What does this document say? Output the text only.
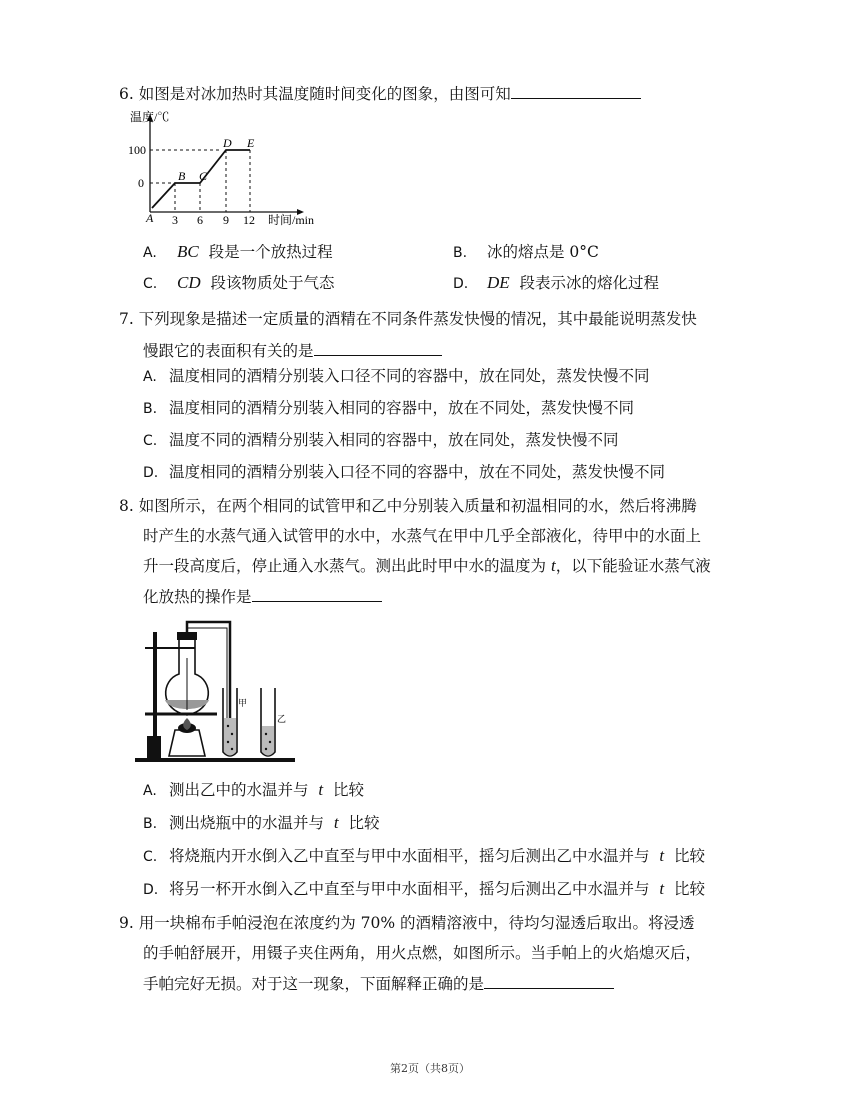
6. 如图是对冰加热时其温度随时间变化的图象，由图可知
温度/℃
100
0
3 6 9 12 时间/min
A
B C
D E
A. BC 段是一个放热过程	B. 冰的熔点是 0°C
C. CD 段该物质处于气态	D. DE 段表示冰的熔化过程
7. 下列现象是描述一定质量的酒精在不同条件蒸发快慢的情况，其中最能说明蒸发快
慢跟它的表面积有关的是
A. 温度相同的酒精分别装入口径不同的容器中，放在同处，蒸发快慢不同
B. 温度相同的酒精分别装入相同的容器中，放在不同处，蒸发快慢不同
C. 温度不同的酒精分别装入相同的容器中，放在同处，蒸发快慢不同
D. 温度相同的酒精分别装入口径不同的容器中，放在不同处，蒸发快慢不同
8. 如图所示，在两个相同的试管甲和乙中分别装入质量和初温相同的水，然后将沸腾
时产生的水蒸气通入试管甲的水中，水蒸气在甲中几乎全部液化，待甲中的水面上
升一段高度后，停止通入水蒸气。测出此时甲中水的温度为 t，以下能验证水蒸气液
化放热的操作是
甲
乙
A. 测出乙中的水温并与 t 比较
B. 测出烧瓶中的水温并与 t 比较
C. 将烧瓶内开水倒入乙中直至与甲中水面相平，摇匀后测出乙中水温并与 t 比较
D. 将另一杯开水倒入乙中直至与甲中水面相平，摇匀后测出乙中水温并与 t 比较
9. 用一块棉布手帕浸泡在浓度约为 70% 的酒精溶液中，待均匀湿透后取出。将浸透
的手帕舒展开，用镊子夹住两角，用火点燃，如图所示。当手帕上的火焰熄灭后，
手帕完好无损。对于这一现象，下面解释正确的是
第2页（共8页）
